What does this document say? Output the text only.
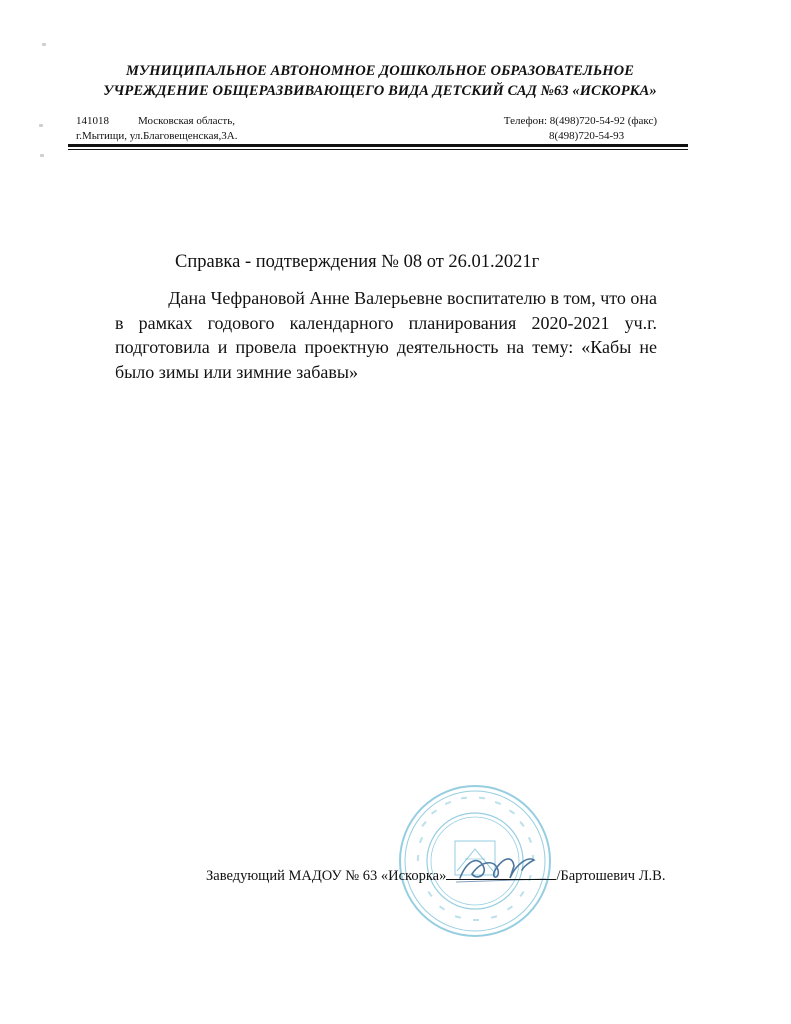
МУНИЦИПАЛЬНОЕ АВТОНОМНОЕ ДОШКОЛЬНОЕ ОБРАЗОВАТЕЛЬНОЕ
УЧРЕЖДЕНИЕ ОБЩЕРАЗВИВАЮЩЕГО ВИДА ДЕТСКИЙ САД №63 «ИСКОРКА»
141018	Московская область,
г.Мытищи, ул.Благовещенская,3А.
Телефон: 8(498)720-54-92 (факс)
8(498)720-54-93
Справка - подтверждения № 08 от 26.01.2021г

Дана Чефрановой Анне Валерьевне воспитателю в том, что она

в рамках годового календарного планирования 2020-2021 уч.г.

подготовила и провела проектную деятельность на тему: «Кабы не

было зимы или зимние забавы»

Заведующий МАДОУ № 63 «Искорка»	/Бартошевич Л.В.
